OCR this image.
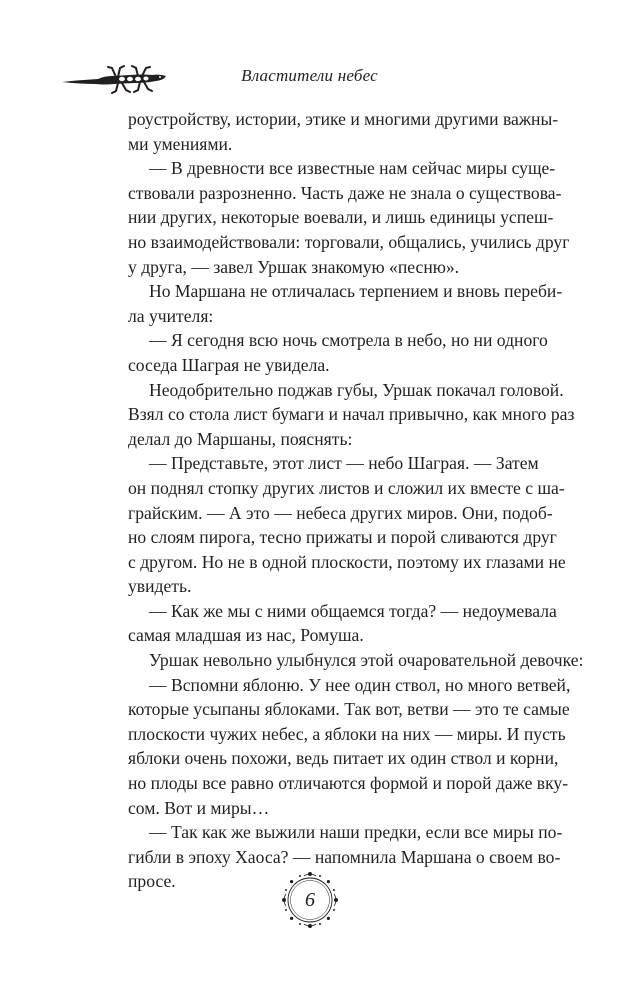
Властители небес
роустройству, истории, этике и многими другими важны-
ми умениями.
— В древности все известные нам сейчас миры суще-
ствовали разрозненно. Часть даже не знала о существова-
нии других, некоторые воевали, и лишь единицы успеш-
но взаимодействовали: торговали, общались, учились друг
у друга, — завел Уршак знакомую «песню».
Но Маршана не отличалась терпением и вновь переби-
ла учителя:
— Я сегодня всю ночь смотрела в небо, но ни одного
соседа Шаграя не увидела.
Неодобрительно поджав губы, Уршак покачал головой.
Взял со стола лист бумаги и начал привычно, как много раз
делал до Маршаны, пояснять:
— Представьте, этот лист — небо Шаграя. — Затем
он поднял стопку других листов и сложил их вместе с ша-
грайским. — А это — небеса других миров. Они, подоб-
но слоям пирога, тесно прижаты и порой сливаются друг
с другом. Но не в одной плоскости, поэтому их глазами не
увидеть.
— Как же мы с ними общаемся тогда? — недоумевала
самая младшая из нас, Ромуша.
Уршак невольно улыбнулся этой очаровательной девочке:
— Вспомни яблоню. У нее один ствол, но много ветвей,
которые усыпаны яблоками. Так вот, ветви — это те самые
плоскости чужих небес, а яблоки на них — миры. И пусть
яблоки очень похожи, ведь питает их один ствол и корни,
но плоды все равно отличаются формой и порой даже вку-
сом. Вот и миры…
— Так как же выжили наши предки, если все миры по-
гибли в эпоху Хаоса? — напомнила Маршана о своем во-
просе.
6
